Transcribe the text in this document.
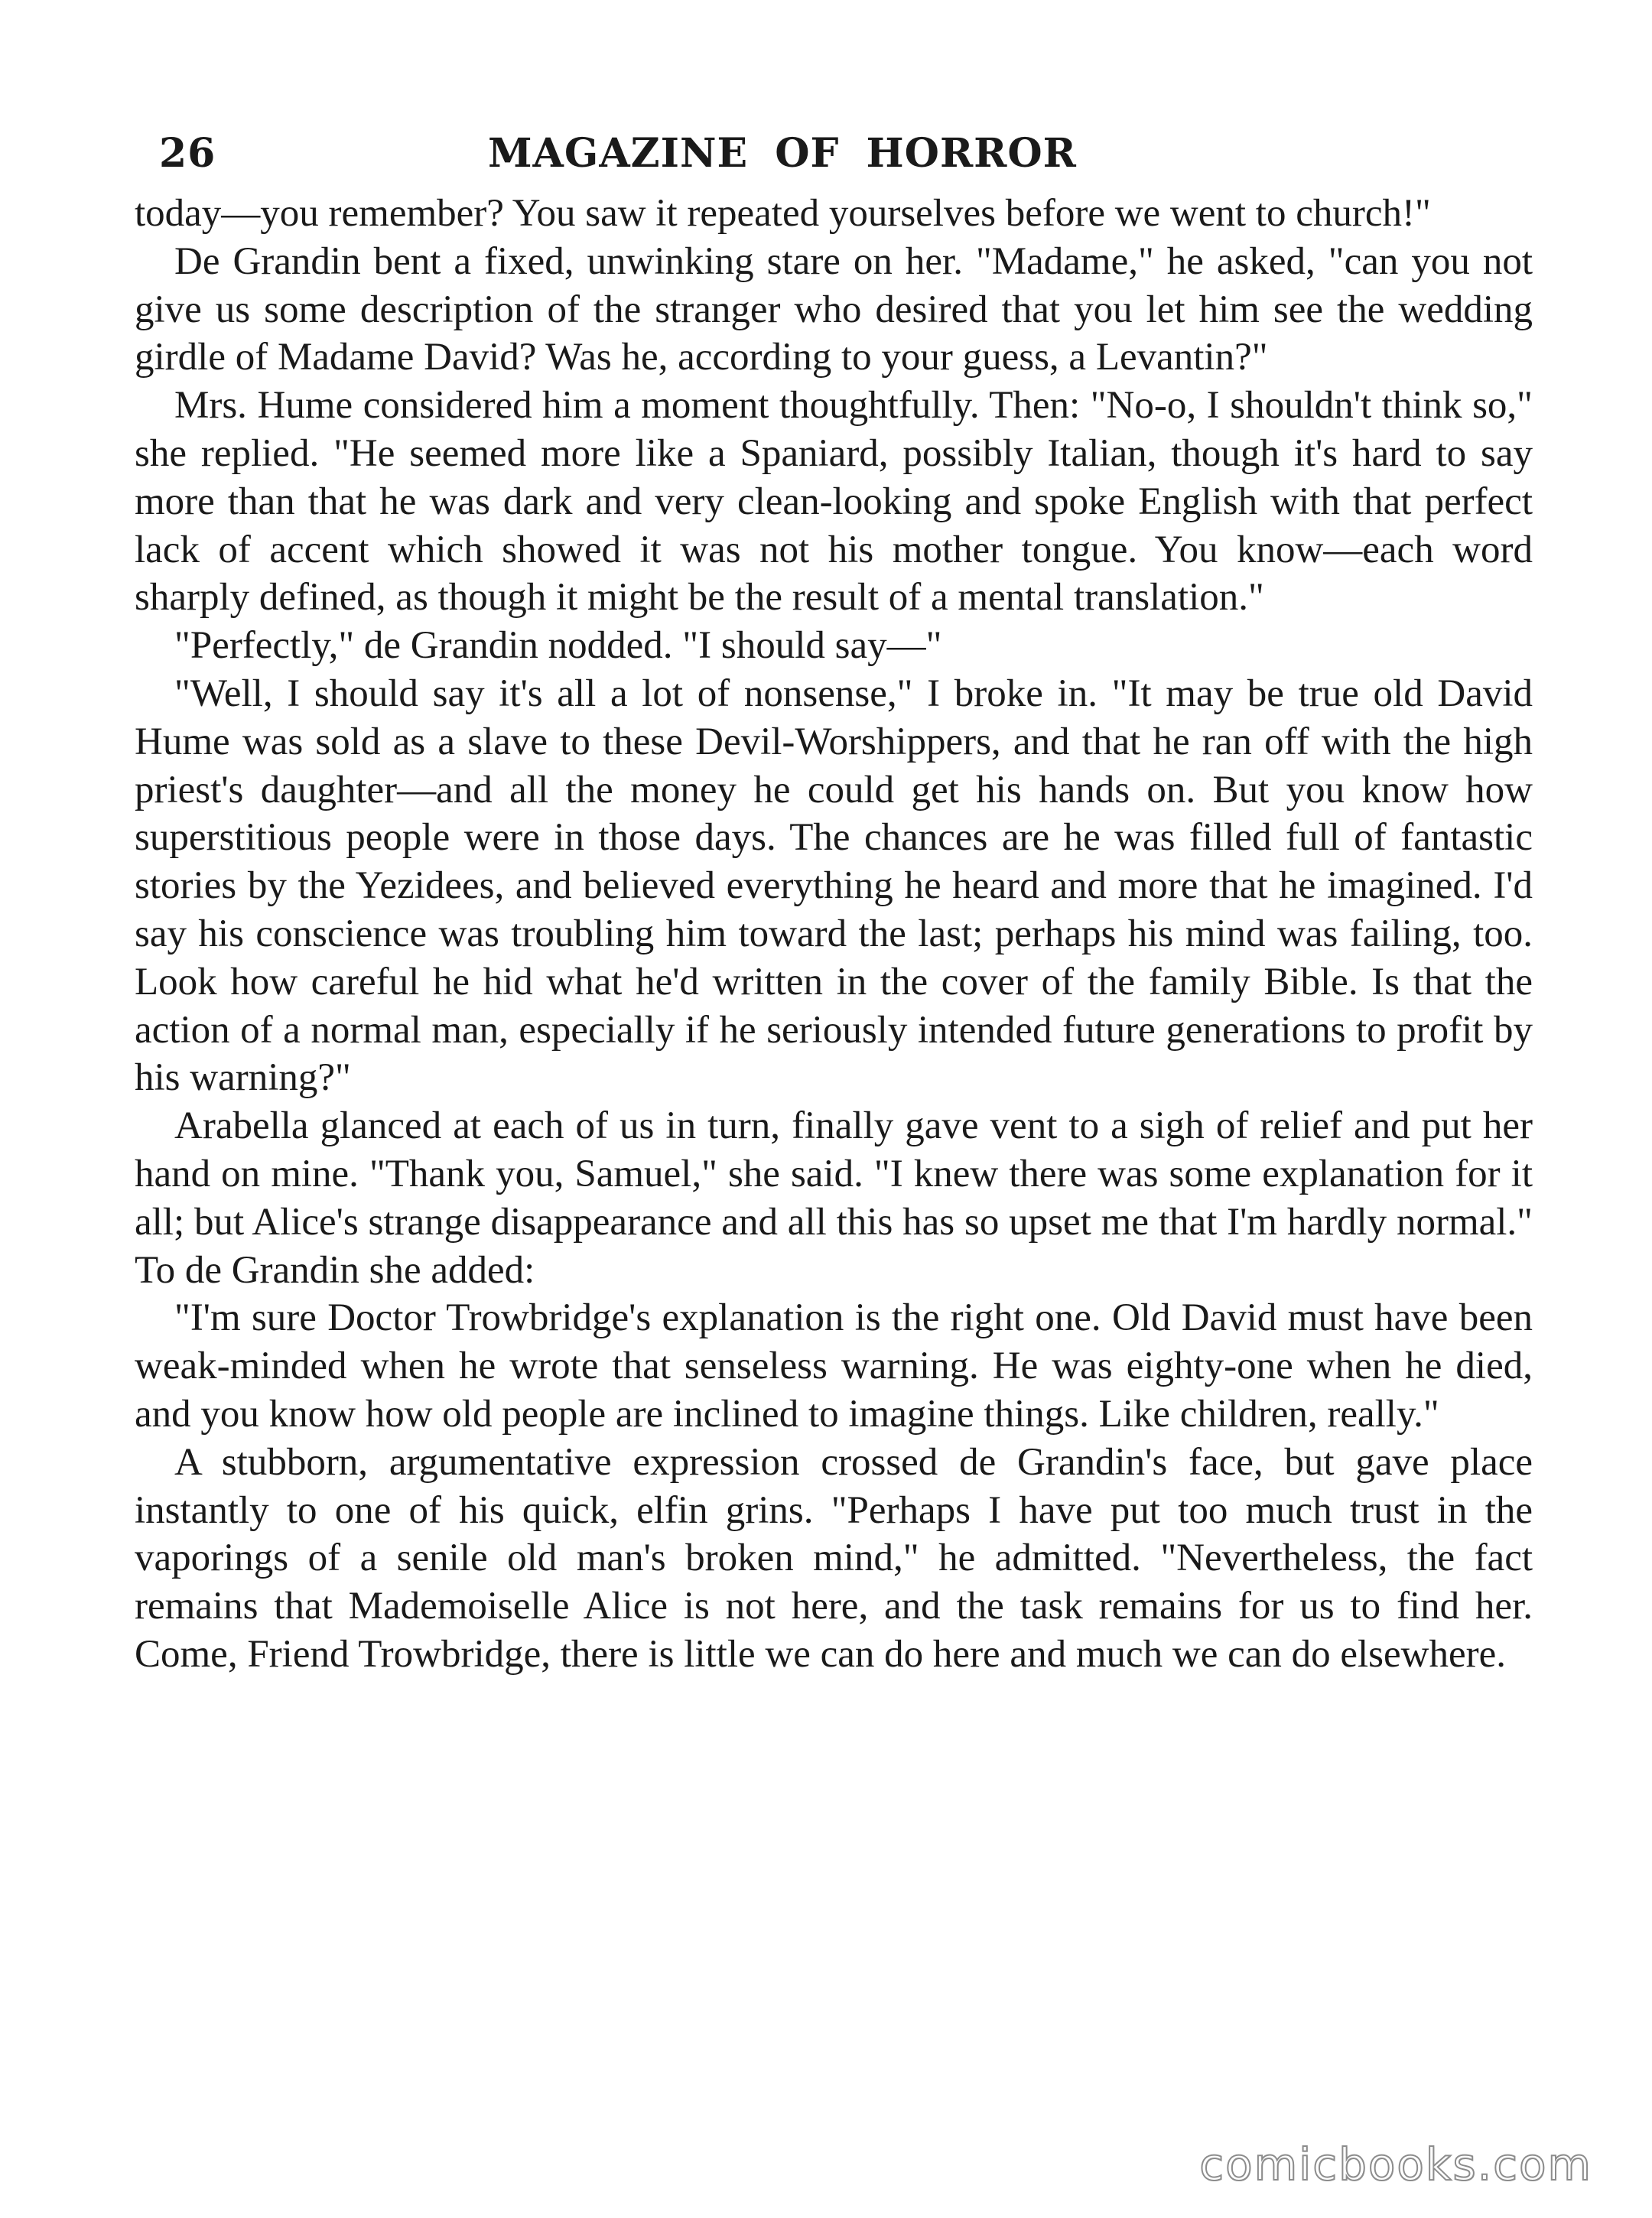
26	MAGAZINE OF HORROR

today—you remember? You saw it repeated yourselves before we went to church!"

De Grandin bent a fixed, unwinking stare on her. "Madame," he asked, "can you not give us some description of the stranger who desired that you let him see the wedding girdle of Madame David? Was he, according to your guess, a Levantin?"

Mrs. Hume considered him a moment thoughtfully. Then: "No-o, I shouldn't think so," she replied. "He seemed more like a Spaniard, possibly Italian, though it's hard to say more than that he was dark and very clean-looking and spoke English with that perfect lack of accent which showed it was not his mother tongue. You know—each word sharply defined, as though it might be the result of a mental translation."

"Perfectly," de Grandin nodded. "I should say—"

"Well, I should say it's all a lot of nonsense," I broke in. "It may be true old David Hume was sold as a slave to these Devil-Worshippers, and that he ran off with the high priest's daughter—and all the money he could get his hands on. But you know how superstitious people were in those days. The chances are he was filled full of fantastic stories by the Yezidees, and believed everything he heard and more that he imagined. I'd say his conscience was troubling him toward the last; perhaps his mind was failing, too. Look how careful he hid what he'd written in the cover of the family Bible. Is that the action of a normal man, especially if he seriously intended future generations to profit by his warning?"

Arabella glanced at each of us in turn, finally gave vent to a sigh of relief and put her hand on mine. "Thank you, Samuel," she said. "I knew there was some explanation for it all; but Alice's strange disappearance and all this has so upset me that I'm hardly normal." To de Grandin she added:

"I'm sure Doctor Trowbridge's explanation is the right one. Old David must have been weak-minded when he wrote that senseless warning. He was eighty-one when he died, and you know how old people are inclined to imagine things. Like children, really."

A stubborn, argumentative expression crossed de Grandin's face, but gave place instantly to one of his quick, elfin grins. "Perhaps I have put too much trust in the vaporings of a senile old man's broken mind," he admitted. "Nevertheless, the fact remains that Mademoiselle Alice is not here, and the task remains for us to find her. Come, Friend Trowbridge, there is little we can do here and much we can do elsewhere.

comicbooks.com
